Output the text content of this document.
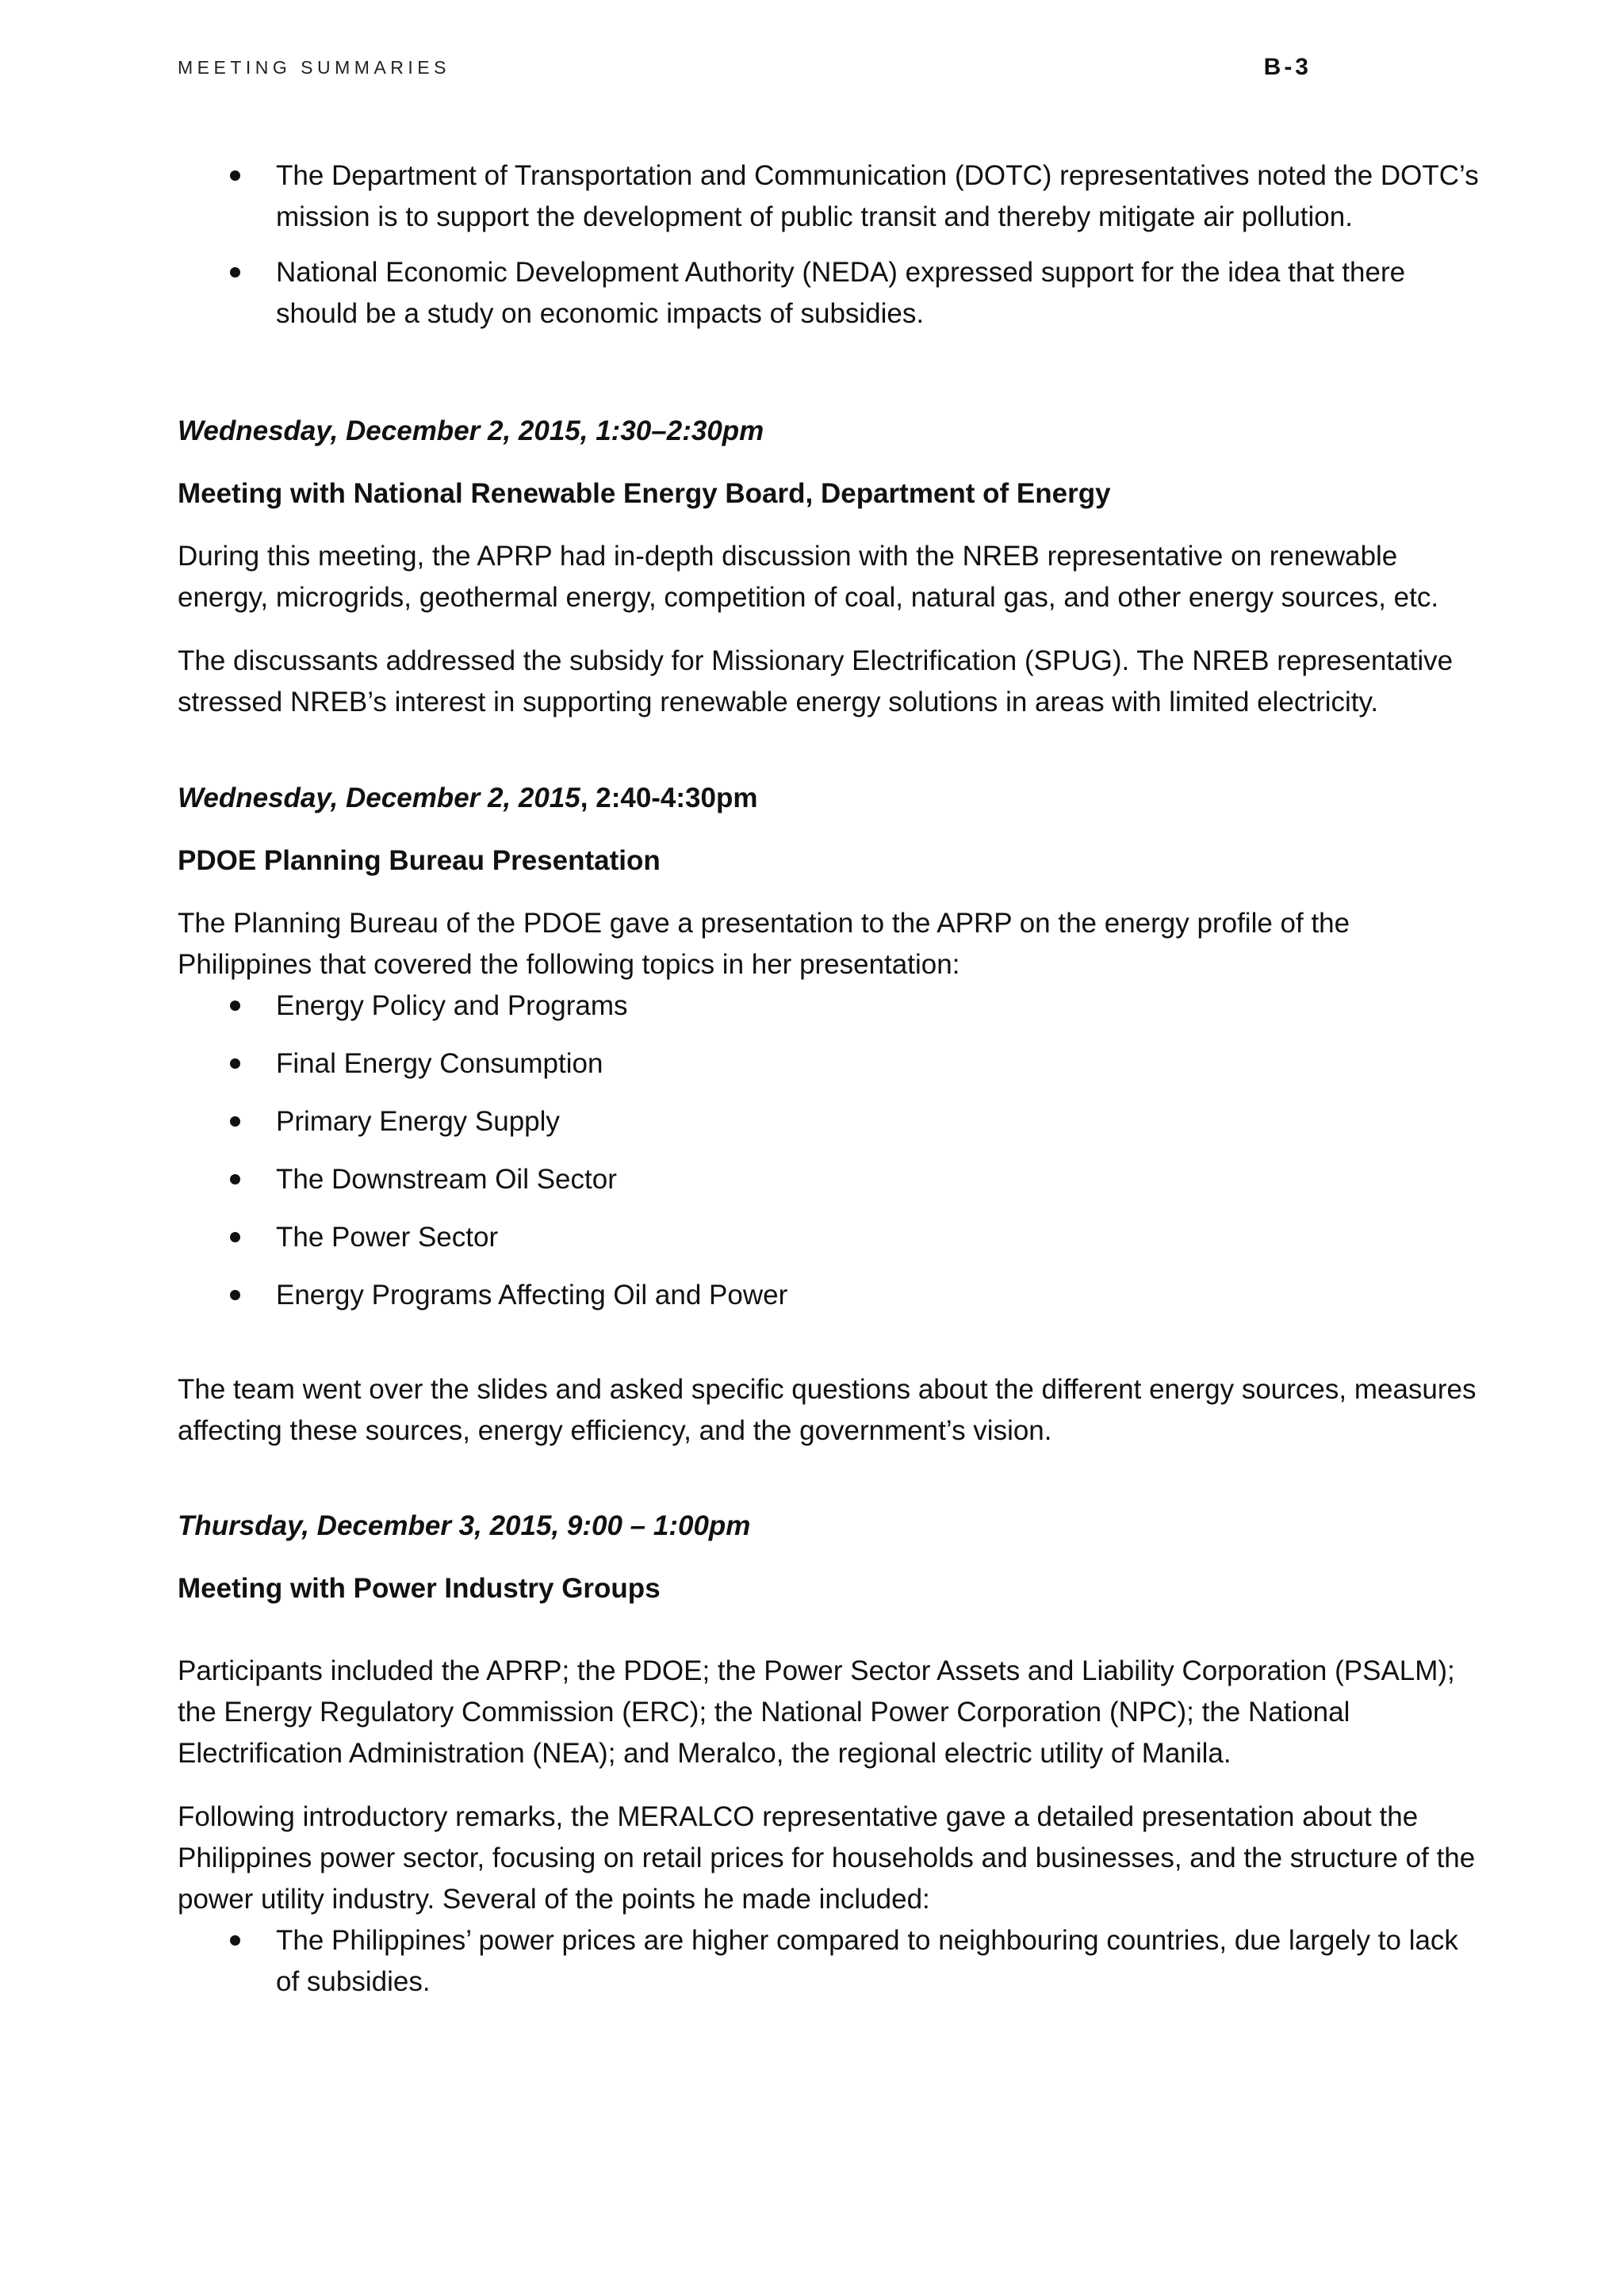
MEETING SUMMARIES	B-3
The Department of Transportation and Communication (DOTC) representatives noted the DOTC’s mission is to support the development of public transit and thereby mitigate air pollution.
National Economic Development Authority (NEDA) expressed support for the idea that there should be a study on economic impacts of subsidies.

Wednesday, December 2, 2015, 1:30–2:30pm

Meeting with National Renewable Energy Board, Department of Energy

During this meeting, the APRP had in-depth discussion with the NREB representative on renewable energy, microgrids, geothermal energy, competition of coal, natural gas, and other energy sources, etc.

The discussants addressed the subsidy for Missionary Electrification (SPUG). The NREB representative stressed NREB’s interest in supporting renewable energy solutions in areas with limited electricity.

Wednesday, December 2, 2015, 2:40-4:30pm

PDOE Planning Bureau Presentation

The Planning Bureau of the PDOE gave a presentation to the APRP on the energy profile of the Philippines that covered the following topics in her presentation:

Energy Policy and Programs
Final Energy Consumption
Primary Energy Supply
The Downstream Oil Sector
The Power Sector
Energy Programs Affecting Oil and Power

The team went over the slides and asked specific questions about the different energy sources, measures affecting these sources, energy efficiency, and the government’s vision.

Thursday, December 3, 2015, 9:00 – 1:00pm

Meeting with Power Industry Groups

Participants included the APRP; the PDOE; the Power Sector Assets and Liability Corporation (PSALM); the Energy Regulatory Commission (ERC); the National Power Corporation (NPC); the National Electrification Administration (NEA); and Meralco, the regional electric utility of Manila.

Following introductory remarks, the MERALCO representative gave a detailed presentation about the Philippines power sector, focusing on retail prices for households and businesses, and the structure of the power utility industry. Several of the points he made included:

The Philippines’ power prices are higher compared to neighbouring countries, due largely to lack of subsidies.
